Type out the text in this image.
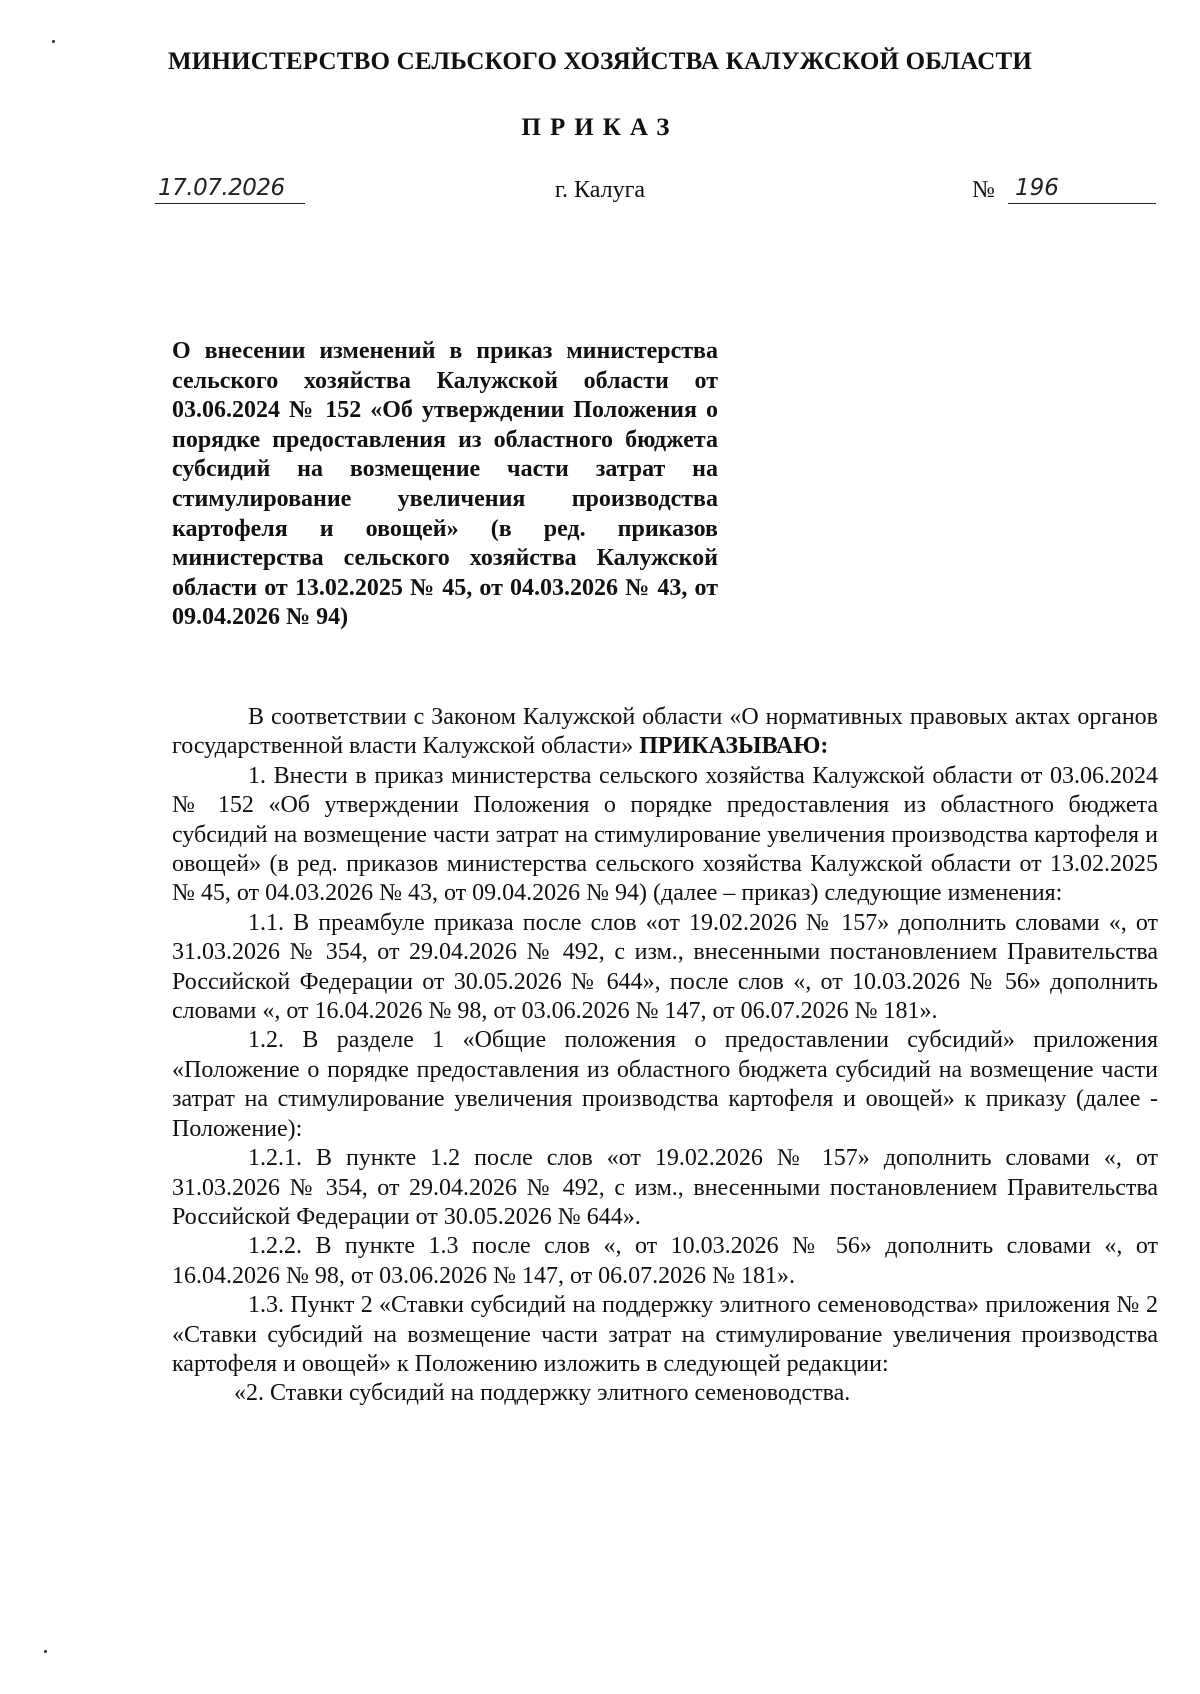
МИНИСТЕРСТВО СЕЛЬСКОГО ХОЗЯЙСТВА КАЛУЖСКОЙ ОБЛАСТИ
ПРИКАЗ
17.07.2026	г. Калуга	№ 196
О внесении изменений в приказ министерства сельского хозяйства Калужской области от 03.06.2024 № 152 «Об утверждении Положения о порядке предоставления из областного бюджета субсидий на возмещение части затрат на стимулирование увеличения производства картофеля и овощей» (в ред. приказов министерства сельского хозяйства Калужской области от 13.02.2025 № 45, от 04.03.2026 № 43, от 09.04.2026 № 94)

В соответствии с Законом Калужской области «О нормативных правовых актах органов государственной власти Калужской области» ПРИКАЗЫВАЮ:

1. Внести в приказ министерства сельского хозяйства Калужской области от 03.06.2024 № 152 «Об утверждении Положения о порядке предоставления из областного бюджета субсидий на возмещение части затрат на стимулирование увеличения производства картофеля и овощей» (в ред. приказов министерства сельского хозяйства Калужской области от 13.02.2025 № 45, от 04.03.2026 № 43, от 09.04.2026 № 94) (далее – приказ) следующие изменения:

1.1. В преамбуле приказа после слов «от 19.02.2026 № 157» дополнить словами «, от 31.03.2026 № 354, от 29.04.2026 № 492, с изм., внесенными постановлением Правительства Российской Федерации от 30.05.2026 № 644», после слов «, от 10.03.2026 № 56» дополнить словами «, от 16.04.2026 № 98, от 03.06.2026 № 147, от 06.07.2026 № 181».

1.2. В разделе 1 «Общие положения о предоставлении субсидий» приложения «Положение о порядке предоставления из областного бюджета субсидий на возмещение части затрат на стимулирование увеличения производства картофеля и овощей» к приказу (далее - Положение):

1.2.1. В пункте 1.2 после слов «от 19.02.2026 № 157» дополнить словами «, от 31.03.2026 № 354, от 29.04.2026 № 492, с изм., внесенными постановлением Правительства Российской Федерации от 30.05.2026 № 644».

1.2.2. В пункте 1.3 после слов «, от 10.03.2026 № 56» дополнить словами «, от 16.04.2026 № 98, от 03.06.2026 № 147, от 06.07.2026 № 181».

1.3. Пункт 2 «Ставки субсидий на поддержку элитного семеноводства» приложения № 2 «Ставки субсидий на возмещение части затрат на стимулирование увеличения производства картофеля и овощей» к Положению изложить в следующей редакции:

«2. Ставки субсидий на поддержку элитного семеноводства.
